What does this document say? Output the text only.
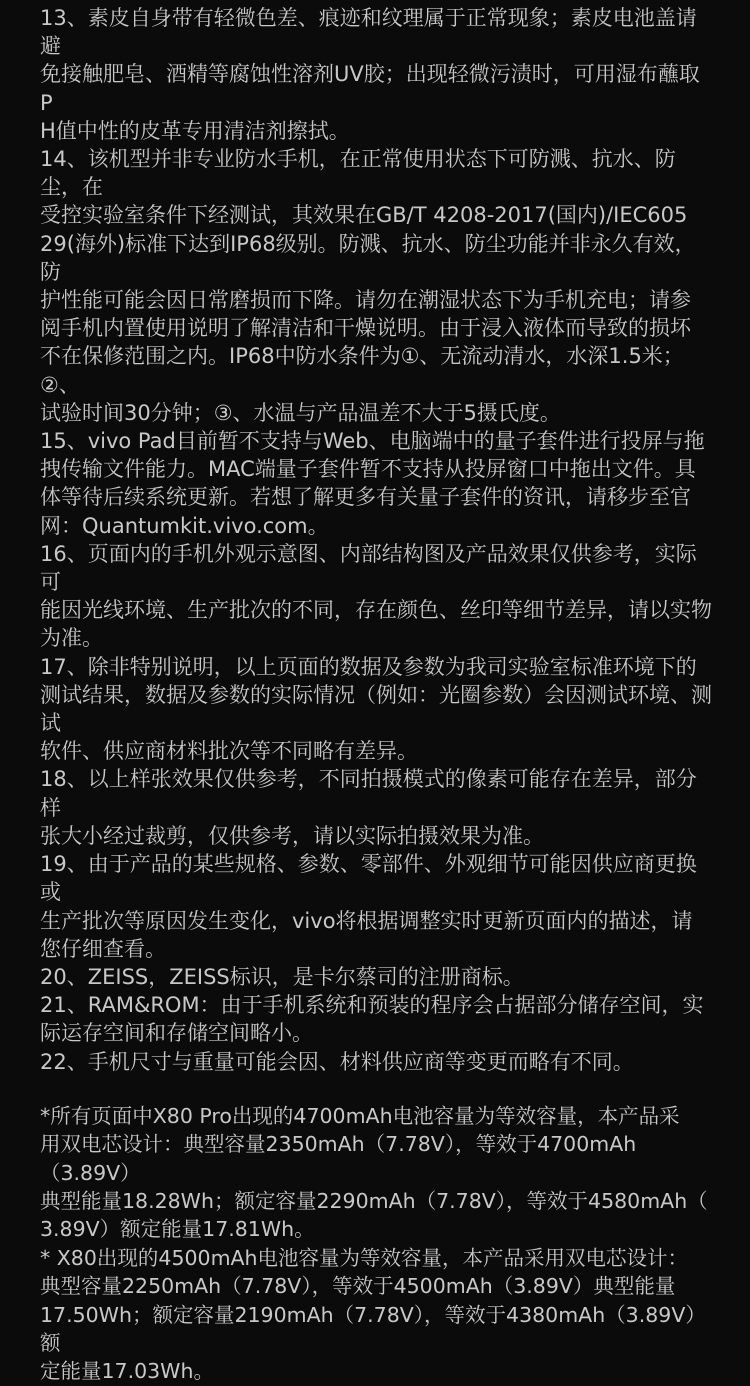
13、素皮自身带有轻微色差、痕迹和纹理属于正常现象；素皮电池盖请避
免接触肥皂、酒精等腐蚀性溶剂UV胶；出现轻微污渍时，可用湿布蘸取P
H值中性的皮革专用清洁剂擦拭。

14、该机型并非专业防水手机，在正常使用状态下可防溅、抗水、防尘，在
受控实验室条件下经测试，其效果在GB/T 4208-2017(国内)/IEC605
29(海外)标准下达到IP68级别。防溅、抗水、防尘功能并非永久有效，防
护性能可能会因日常磨损而下降。请勿在潮湿状态下为手机充电；请参
阅手机内置使用说明了解清洁和干燥说明。由于浸入液体而导致的损坏
不在保修范围之内。IP68中防水条件为①、无流动清水，水深1.5米；②、
试验时间30分钟；③、水温与产品温差不大于5摄氏度。

15、vivo Pad目前暂不支持与Web、电脑端中的量子套件进行投屏与拖
拽传输文件能力。MAC端量子套件暂不支持从投屏窗口中拖出文件。具
体等待后续系统更新。若想了解更多有关量子套件的资讯，请移步至官
网：Quantumkit.vivo.com。

16、页面内的手机外观示意图、内部结构图及产品效果仅供参考，实际可
能因光线环境、生产批次的不同，存在颜色、丝印等细节差异，请以实物
为准。

17、除非特别说明，以上页面的数据及参数为我司实验室标准环境下的
测试结果，数据及参数的实际情况（例如：光圈参数）会因测试环境、测试
软件、供应商材料批次等不同略有差异。

18、以上样张效果仅供参考，不同拍摄模式的像素可能存在差异，部分样
张大小经过裁剪，仅供参考，请以实际拍摄效果为准。

19、由于产品的某些规格、参数、零部件、外观细节可能因供应商更换或
生产批次等原因发生变化，vivo将根据调整实时更新页面内的描述，请
您仔细查看。

20、ZEISS，ZEISS标识，是卡尔蔡司的注册商标。

21、RAM&ROM：由于手机系统和预装的程序会占据部分储存空间，实
际运存空间和存储空间略小。

22、手机尺寸与重量可能会因、材料供应商等变更而略有不同。

*所有页面中X80 Pro出现的4700mAh电池容量为等效容量，本产品采
用双电芯设计：典型容量2350mAh（7.78V），等效于4700mAh（3.89V）
典型能量18.28Wh；额定容量2290mAh（7.78V），等效于4580mAh（
3.89V）额定能量17.81Wh。

* X80出现的4500mAh电池容量为等效容量，本产品采用双电芯设计：
典型容量2250mAh（7.78V），等效于4500mAh（3.89V）典型能量
17.50Wh；额定容量2190mAh（7.78V），等效于4380mAh（3.89V）额
定能量17.03Wh。
